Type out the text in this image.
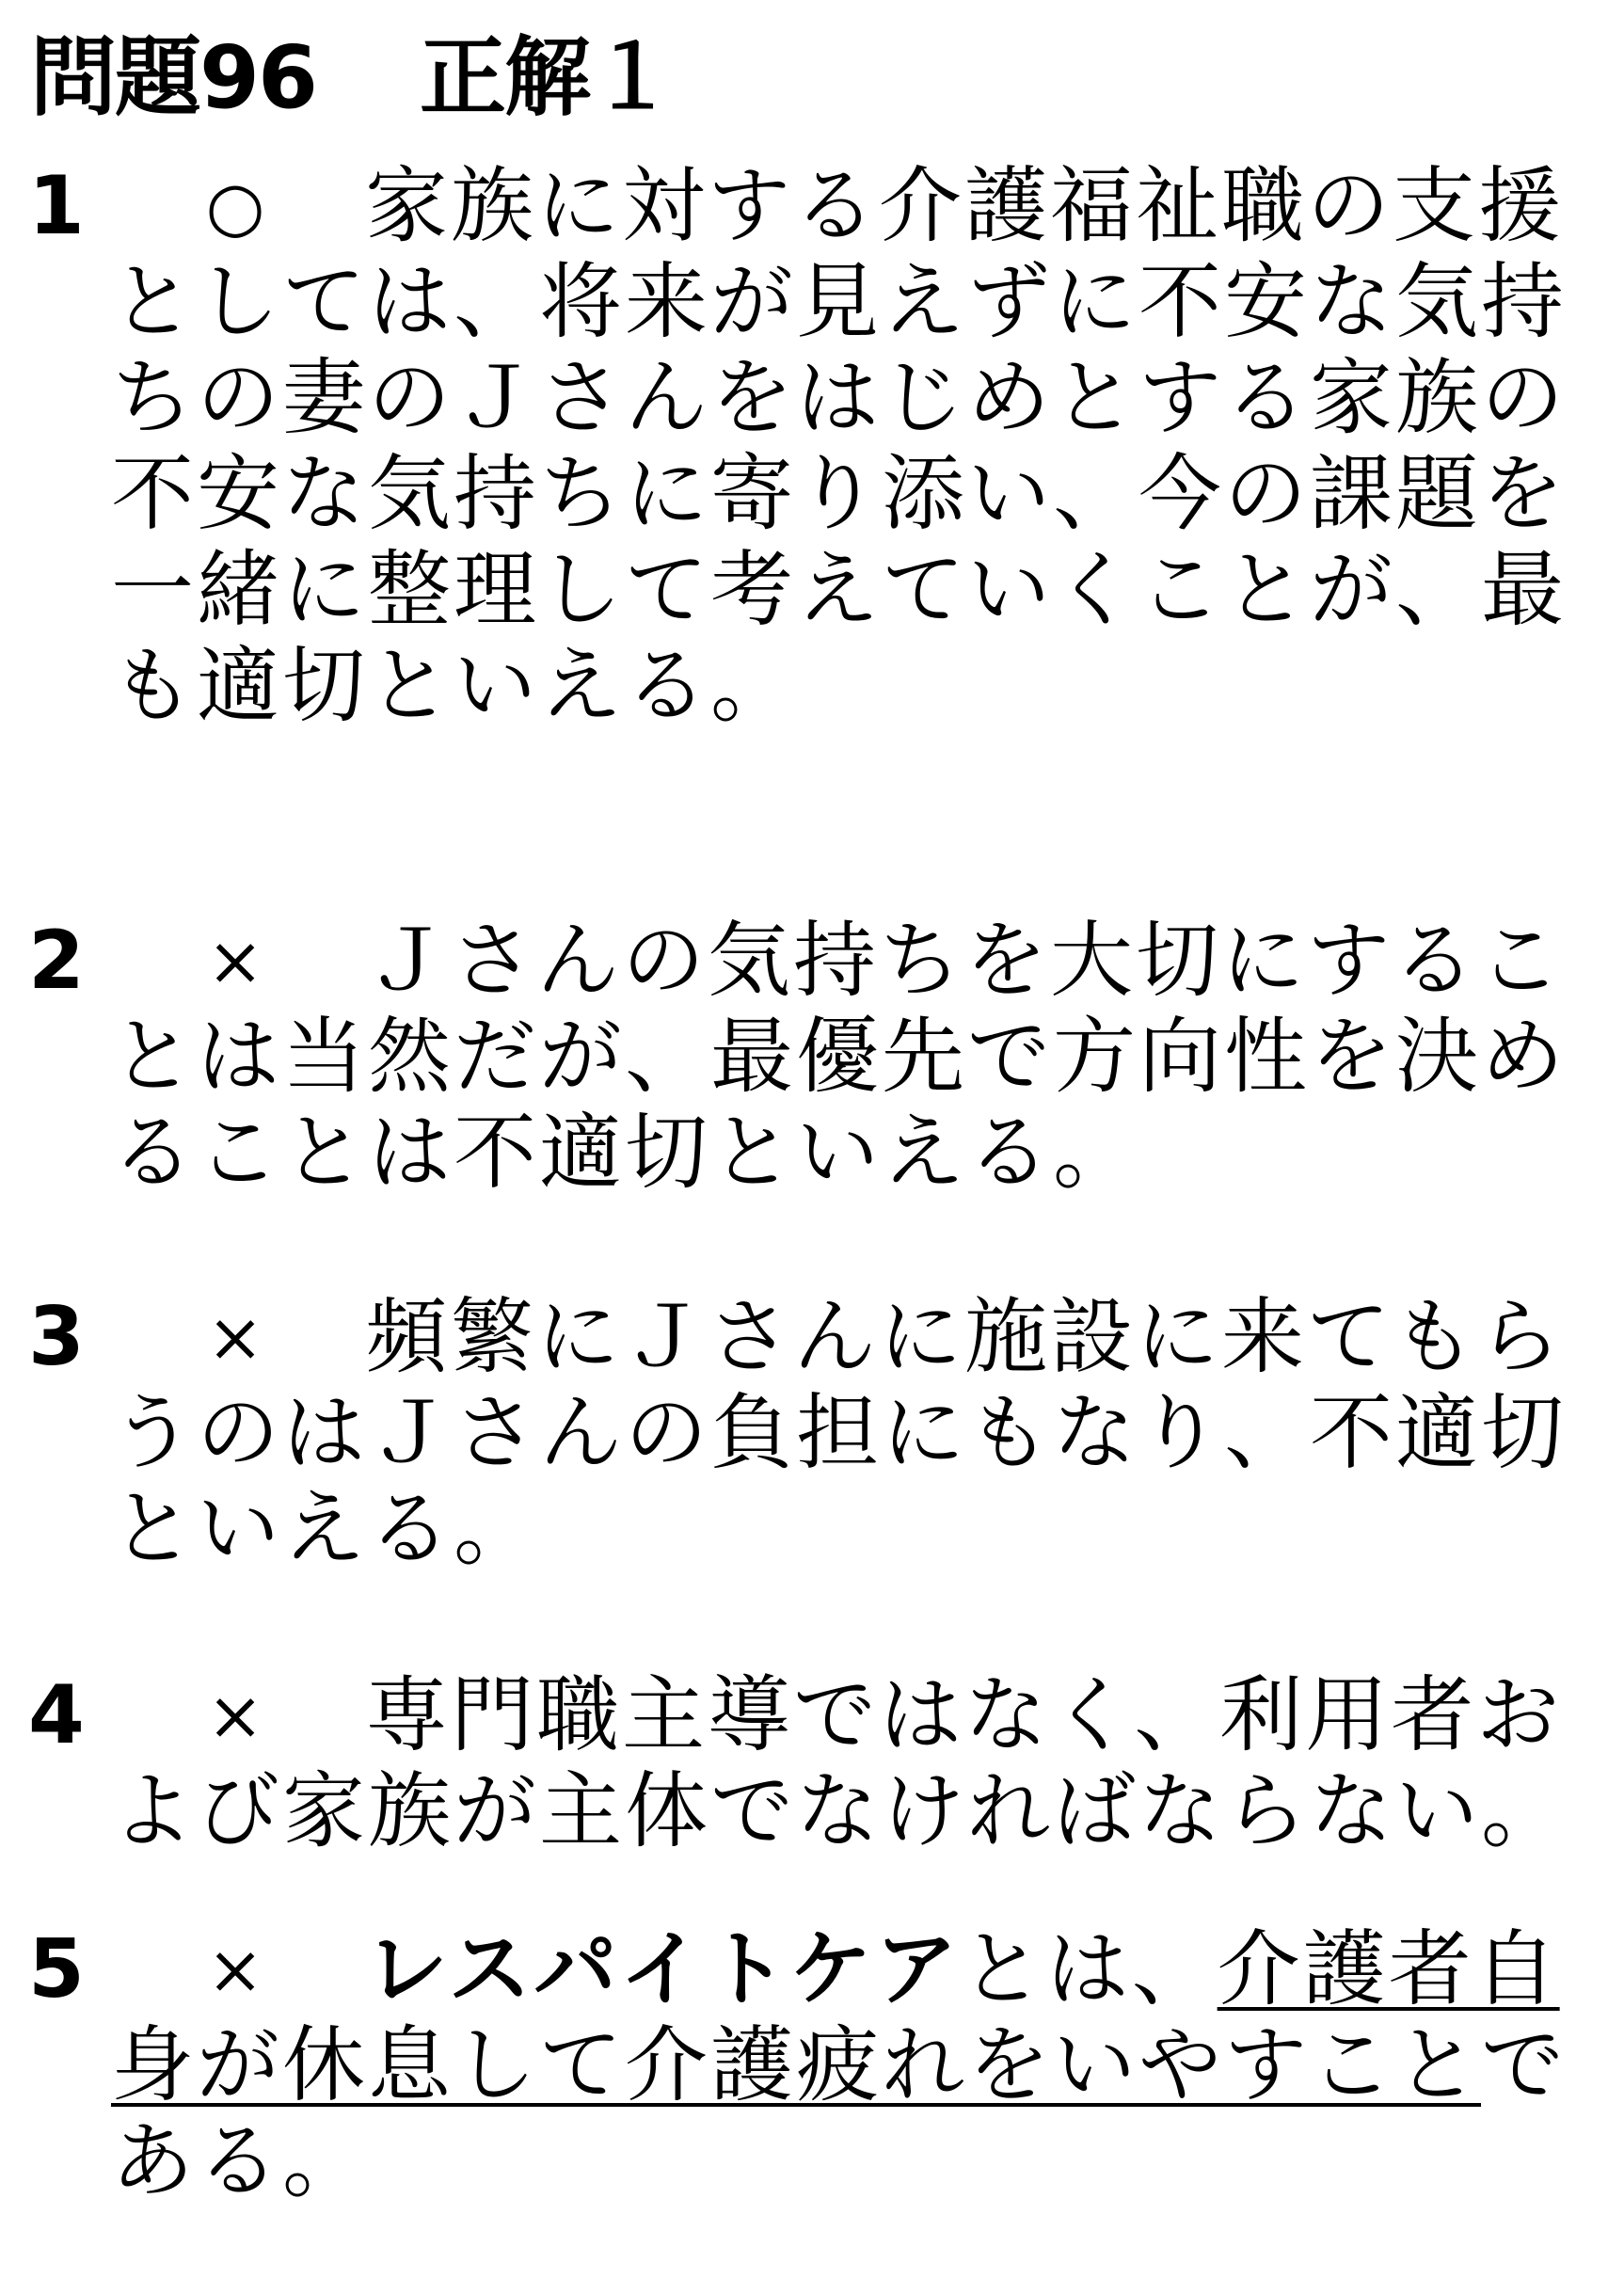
問題96 正解１
1 ○	家族に対する介護福祉職の支援としては、将来が見えずに不安な気持ちの妻のＪさんをはじめとする家族の不安な気持ちに寄り添い、今の課題を一緒に整理して考えていくことが、最も適切といえる。
2 ×	Ｊさんの気持ちを大切にすることは当然だが、最優先で方向性を決めることは不適切といえる。
3 ×	頻繁にＪさんに施設に来てもらうのはＪさんの負担にもなり、不適切といえる。
4 ×	専門職主導ではなく、利用者および家族が主体でなければならない。
5 ×	レスパイトケアとは、介護者自身が休息して介護疲れをいやすことである。
